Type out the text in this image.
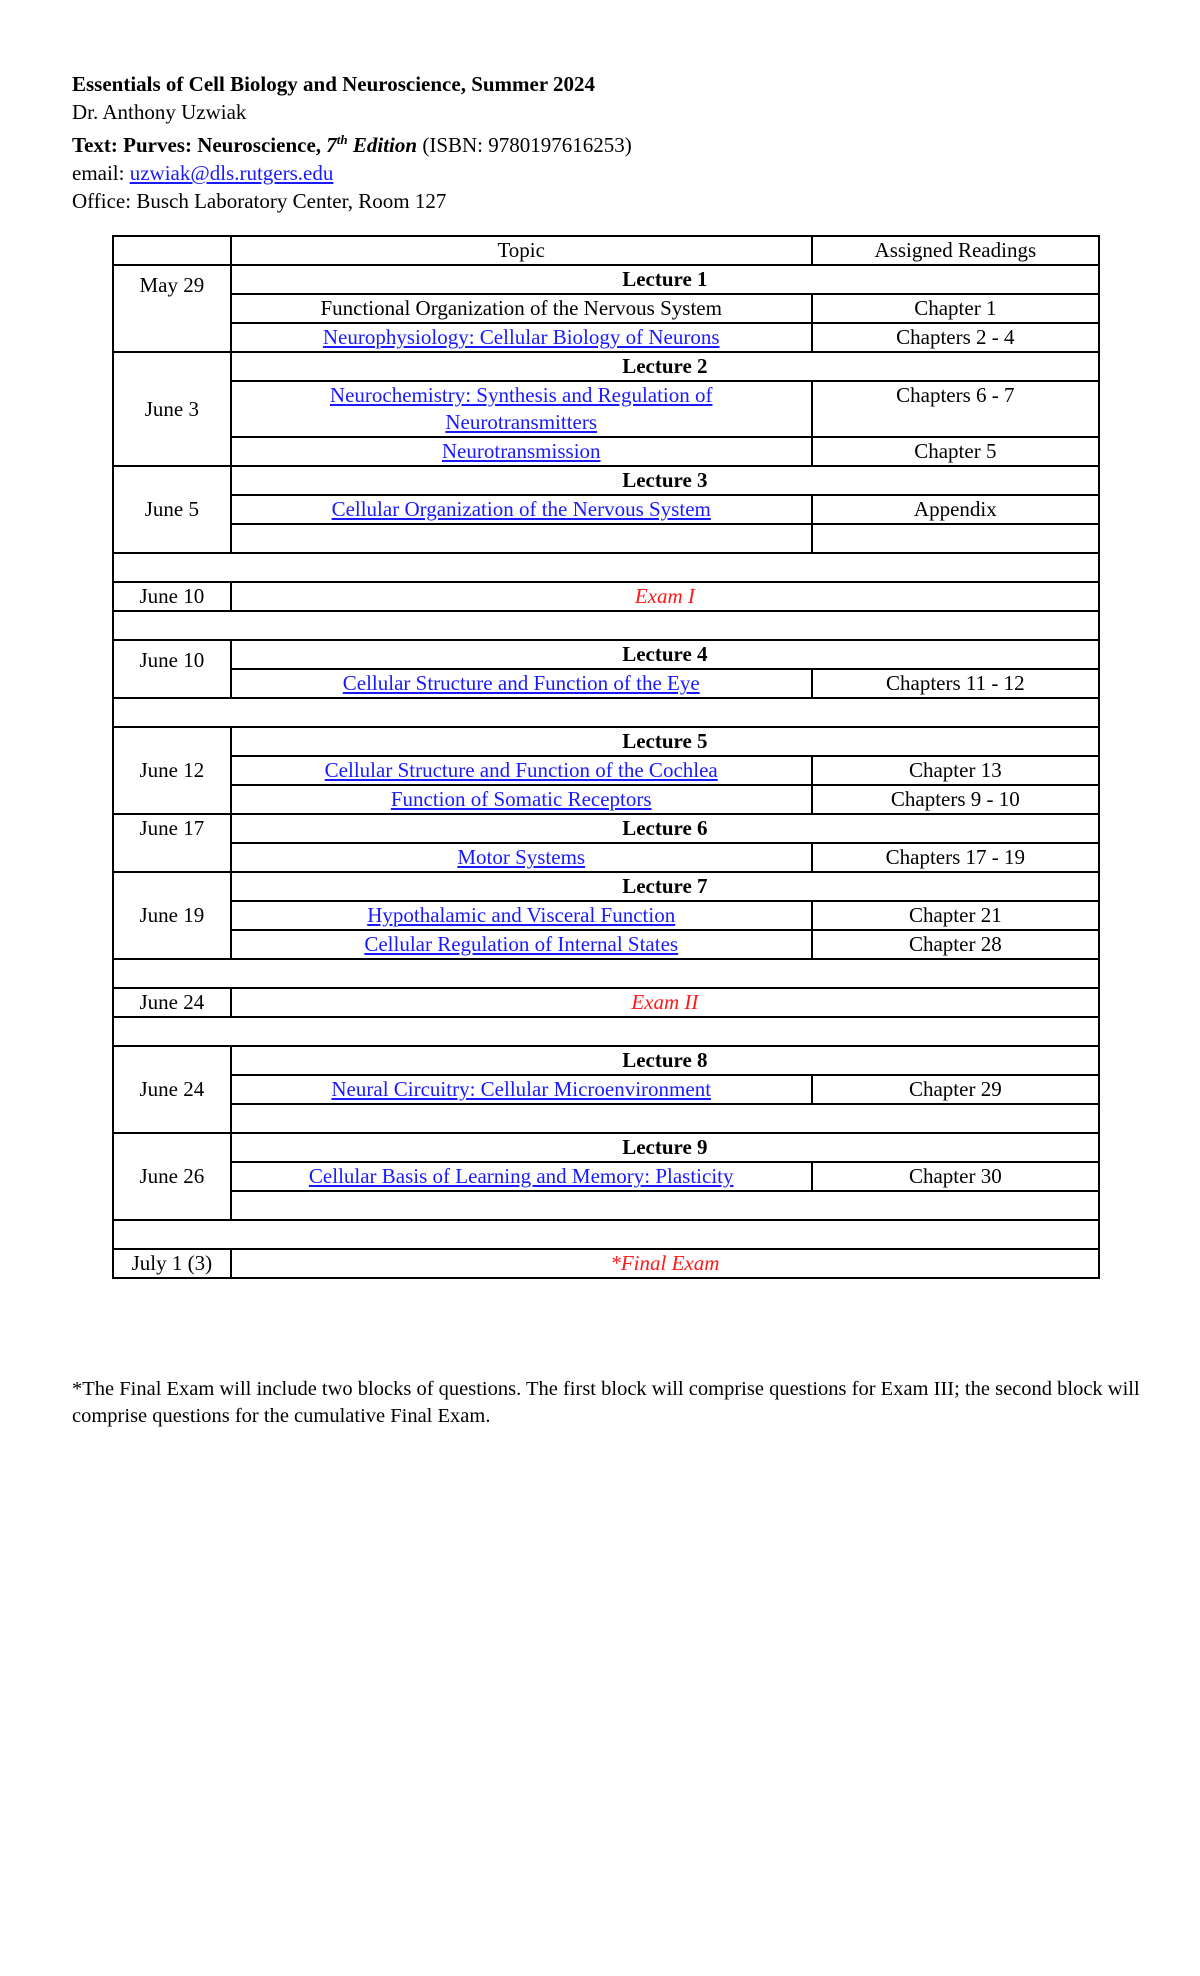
Essentials of Cell Biology and Neuroscience, Summer 2024
Dr. Anthony Uzwiak
Text: Purves: Neuroscience, 7th Edition (ISBN: 9780197616253)
email: uzwiak@dls.rutgers.edu
Office: Busch Laboratory Center, Room 127
	Topic	Assigned Readings
May 29	Lecture 1	
	Functional Organization of the Nervous System	Chapter 1
	Neurophysiology: Cellular Biology of Neurons	Chapters 2 - 4
June 3	Lecture 2	
	Neurochemistry: Synthesis and Regulation of Neurotransmitters	Chapters 6 - 7
	Neurotransmission	Chapter 5
June 5	Lecture 3	
	Cellular Organization of the Nervous System	Appendix

June 10	Exam I	

June 10	Lecture 4	
	Cellular Structure and Function of the Eye	Chapters 11 - 12

June 12	Lecture 5	
	Cellular Structure and Function of the Cochlea	Chapter 13
	Function of Somatic Receptors	Chapters 9 - 10
June 17	Lecture 6	
	Motor Systems	Chapters 17 - 19
June 19	Lecture 7	
	Hypothalamic and Visceral Function	Chapter 21
	Cellular Regulation of Internal States	Chapter 28

June 24	Exam II	

June 24	Lecture 8	
	Neural Circuitry: Cellular Microenvironment	Chapter 29

June 26	Lecture 9	
	Cellular Basis of Learning and Memory: Plasticity	Chapter 30

July 1 (3)	*Final Exam	
*The Final Exam will include two blocks of questions. The first block will comprise questions for Exam III; the second block will comprise questions for the cumulative Final Exam.
